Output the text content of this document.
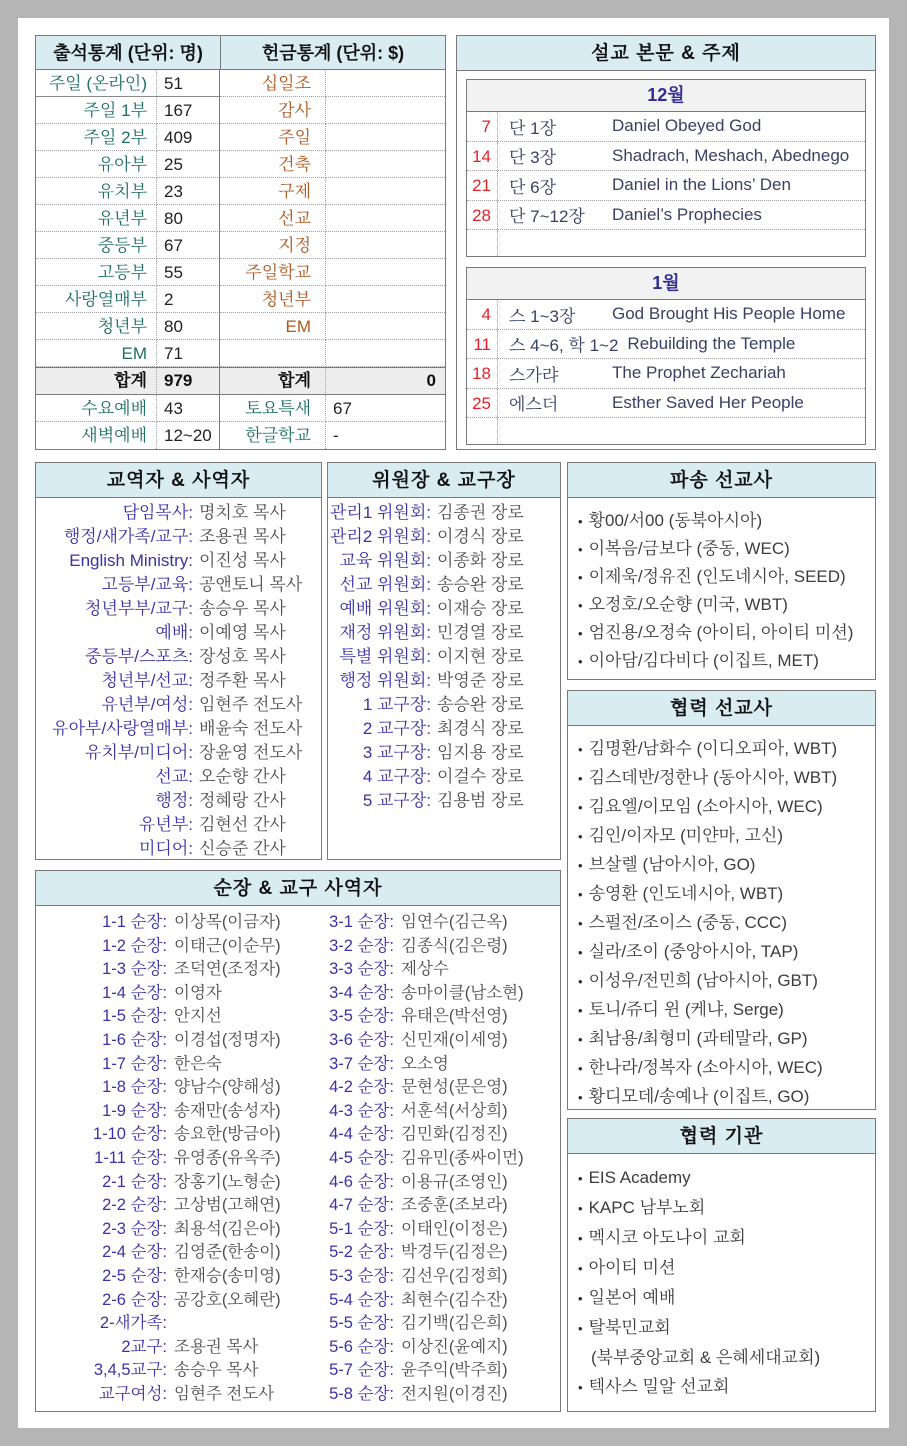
출석통계 (단위: 명)	헌금통계 (단위: $)
주일 (온라인)	51	십일조
주일 1부	167	감사
주일 2부	409	주일
유아부	25	건축
유치부	23	구제
유년부	80	선교
중등부	67	지정
고등부	55	주일학교
사랑열매부	2	청년부
청년부	80	EM
EM	71
합계	979	합계	0
수요예배	43	토요특새	67
새벽예배	12~20	한글학교	-
설교 본문 & 주제
12월
7	단 1장	Daniel Obeyed God
14	단 3장	Shadrach, Meshach, Abednego
21	단 6장	Daniel in the Lions’ Den
28	단 7~12장	Daniel’s Prophecies
1월
4	스 1~3장	God Brought His People Home
11	스 4~6, 학 1~2 Rebuilding the Temple
18	스가랴	The Prophet Zechariah
25	에스더	Esther Saved Her People
교역자 & 사역자
담임목사: 명치호 목사
행정/새가족/교구: 조용권 목사
English Ministry: 이진성 목사
고등부/교육: 공앤토니 목사
청년부부/교구: 송승우 목사
예배: 이예영 목사
중등부/스포츠: 장성호 목사
청년부/선교: 정주환 목사
유년부/여성: 임현주 전도사
유아부/사랑열매부: 배윤숙 전도사
유치부/미디어: 장윤영 전도사
선교: 오순향 간사
행정: 정혜랑 간사
유년부: 김현선 간사
미디어: 신승준 간사
위원장 & 교구장
관리1 위원회: 김종권 장로
관리2 위원회: 이경식 장로
교육 위원회: 이종화 장로
선교 위원회: 송승완 장로
예배 위원회: 이재승 장로
재정 위원회: 민경열 장로
특별 위원회: 이지현 장로
행정 위원회: 박영준 장로
1 교구장: 송승완 장로
2 교구장: 최경식 장로
3 교구장: 임지용 장로
4 교구장: 이걸수 장로
5 교구장: 김용범 장로
파송 선교사
• 황00/서00 (동북아시아)
• 이복음/금보다 (중동, WEC)
• 이제욱/정유진 (인도네시아, SEED)
• 오정호/오순향 (미국, WBT)
• 엄진용/오정숙 (아이티, 아이티 미션)
• 이아담/김다비다 (이집트, MET)
협력 선교사
• 김명환/남화수 (이디오피아, WBT)
• 김스데반/정한나 (동아시아, WBT)
• 김요엘/이모임 (소아시아, WEC)
• 김인/이자모 (미얀마, 고신)
• 브살렐 (남아시아, GO)
• 송영환 (인도네시아, WBT)
• 스펄전/조이스 (중동, CCC)
• 실라/조이 (중앙아시아, TAP)
• 이성우/전민희 (남아시아, GBT)
• 토니/쥬디 윈 (케냐, Serge)
• 최남용/최형미 (과테말라, GP)
• 한나라/정복자 (소아시아, WEC)
• 황디모데/송예나 (이집트, GO)
협력 기관
• EIS Academy
• KAPC 남부노회
• 멕시코 아도나이 교회
• 아이티 미션
• 일본어 예배
• 탈북민교회
(북부중앙교회 & 은혜세대교회)
• 텍사스 밀알 선교회
순장 & 교구 사역자
1-1 순장: 이상목(이금자)
1-2 순장: 이태근(이순무)
1-3 순장: 조덕연(조정자)
1-4 순장: 이영자
1-5 순장: 안지선
1-6 순장: 이경섭(정명자)
1-7 순장: 한은숙
1-8 순장: 양남수(양해성)
1-9 순장: 송재만(송성자)
1-10 순장: 송요한(방금아)
1-11 순장: 유영종(유옥주)
2-1 순장: 장홍기(노형순)
2-2 순장: 고상범(고해연)
2-3 순장: 최용석(김은아)
2-4 순장: 김영준(한송이)
2-5 순장: 한재승(송미영)
2-6 순장: 공강호(오혜란)
2-새가족:
2교구: 조용권 목사
3,4,5교구: 송승우 목사
교구여성: 임현주 전도사
3-1 순장: 임연수(김근옥)
3-2 순장: 김종식(김은령)
3-3 순장: 제상수
3-4 순장: 송마이클(남소현)
3-5 순장: 유태은(박선영)
3-6 순장: 신민재(이세영)
3-7 순장: 오소영
4-2 순장: 문현성(문은영)
4-3 순장: 서훈석(서상희)
4-4 순장: 김민화(김정진)
4-5 순장: 김유민(종싸이먼)
4-6 순장: 이용규(조영인)
4-7 순장: 조중훈(조보라)
5-1 순장: 이태인(이정은)
5-2 순장: 박경두(김정은)
5-3 순장: 김선우(김정희)
5-4 순장: 최현수(김수잔)
5-5 순장: 김기백(김은희)
5-6 순장: 이상진(윤예지)
5-7 순장: 윤주익(박주희)
5-8 순장: 전지원(이경진)
